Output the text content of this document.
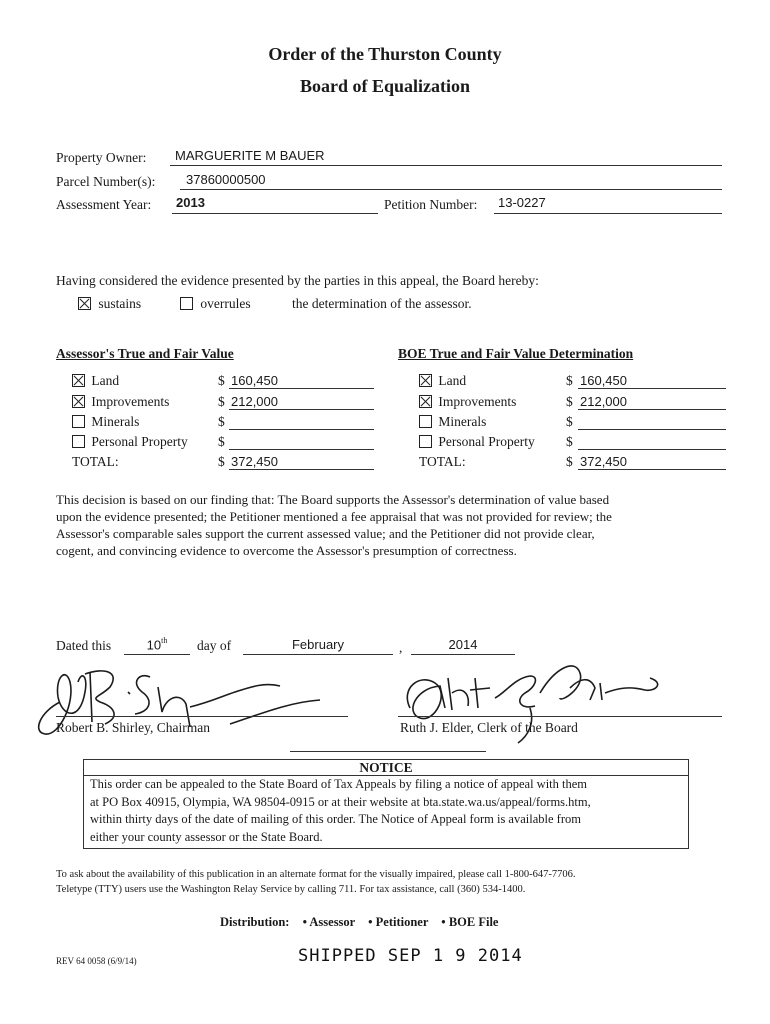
Order of the Thurston County
Board of Equalization
Property Owner: MARGUERITE M BAUER
Parcel Number(s): 37860000500
Assessment Year: 2013	Petition Number: 13-0227
Having considered the evidence presented by the parties in this appeal, the Board hereby:
sustains	overrules	the determination of the assessor.
Assessor's True and Fair Value
Land	$ 160,450
Improvements	$ 212,000
Minerals	$
Personal Property $
TOTAL:	$ 372,450
BOE True and Fair Value Determination
Land	$ 160,450
Improvements	$ 212,000
Minerals	$
Personal Property $
TOTAL:	$ 372,450
This decision is based on our finding that: The Board supports the Assessor's determination of value based
upon the evidence presented; the Petitioner mentioned a fee appraisal that was not provided for review; the
Assessor's comparable sales support the current assessed value; and the Petitioner did not provide clear,
cogent, and convincing evidence to overcome the Assessor's presumption of correctness.
Dated this	10th	day of	February	,	2014
Robert B. Shirley, Chairman	Ruth J. Elder, Clerk of the Board
NOTICE
This order can be appealed to the State Board of Tax Appeals by filing a notice of appeal with them
at PO Box 40915, Olympia, WA 98504-0915 or at their website at bta.state.wa.us/appeal/forms.htm,
within thirty days of the date of mailing of this order. The Notice of Appeal form is available from
either your county assessor or the State Board.
To ask about the availability of this publication in an alternate format for the visually impaired, please call 1-800-647-7706.
Teletype (TTY) users use the Washington Relay Service by calling 711. For tax assistance, call (360) 534-1400.
Distribution: • Assessor • Petitioner • BOE File
REV 64 0058 (6/9/14)	SHIPPED SEP 1 9 2014
